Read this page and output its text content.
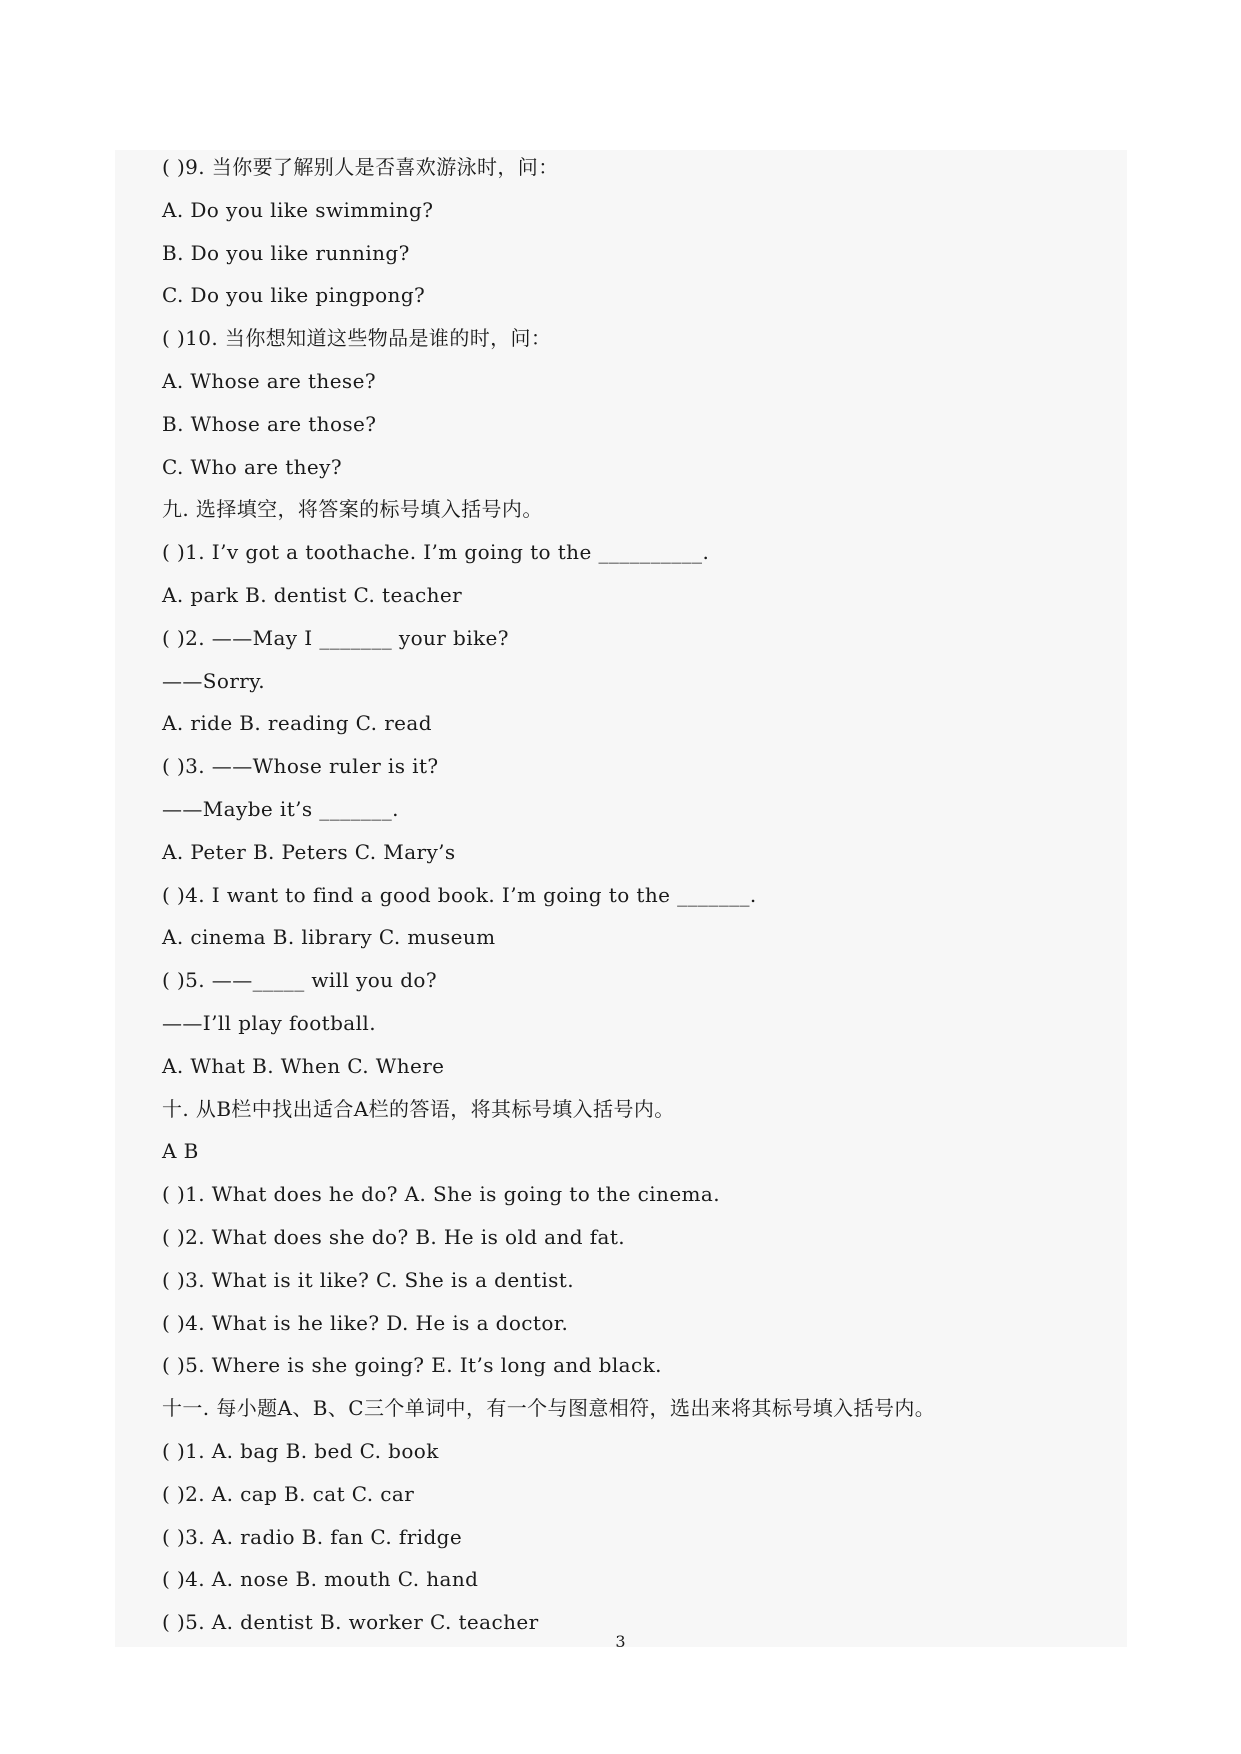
( )9. 当你要了解别人是否喜欢游泳时，问：
A. Do you like swimming?
B. Do you like running?
C. Do you like pingpong?
( )10. 当你想知道这些物品是谁的时，问：
A. Whose are these?
B. Whose are those?
C. Who are they?
九. 选择填空，将答案的标号填入括号内。
( )1. I’v got a toothache. I’m going to the __________.
A. park B. dentist C. teacher
( )2. ——May I _______ your bike?
——Sorry.
A. ride B. reading C. read
( )3. ——Whose ruler is it?
——Maybe it’s _______.
A. Peter B. Peters C. Mary’s
( )4. I want to find a good book. I’m going to the _______.
A. cinema B. library C. museum
( )5. ——_____ will you do?
——I’ll play football.
A. What B. When C. Where
十. 从B栏中找出适合A栏的答语，将其标号填入括号内。
A B
( )1. What does he do? A. She is going to the cinema.
( )2. What does she do? B. He is old and fat.
( )3. What is it like? C. She is a dentist.
( )4. What is he like? D. He is a doctor.
( )5. Where is she going? E. It’s long and black.
十一. 每小题A、B、C三个单词中，有一个与图意相符，选出来将其标号填入括号内。
( )1. A. bag B. bed C. book
( )2. A. cap B. cat C. car
( )3. A. radio B. fan C. fridge
( )4. A. nose B. mouth C. hand
( )5. A. dentist B. worker C. teacher
3
